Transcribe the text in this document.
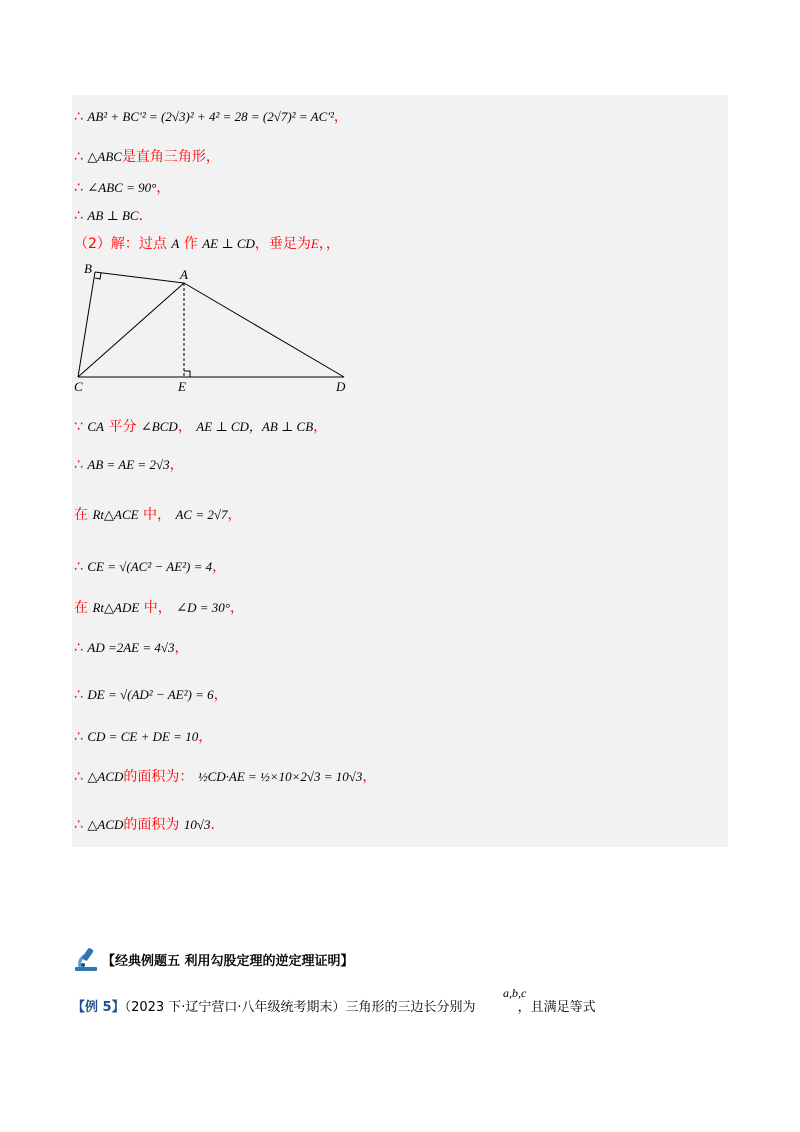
∴ AB² + BC'² = (2√3)² + 4² = 28 = (2√7)² = AC'²，
∴ △ABC是直角三角形，
∴ ∠ABC = 90°，
∴ AB ⊥ BC．
（2）解：过点 A 作 AE ⊥ CD，垂足为E，，
B	A
C	E	D
∵ CA 平分 ∠BCD， AE ⊥ CD，AB ⊥ CB，
∴ AB = AE = 2√3，
在 Rt△ACE 中， AC = 2√7，
∴ CE = √(AC² − AE²) = 4，
在 Rt△ADE 中， ∠D = 30°，
∴ AD =2AE = 4√3，
∴ DE = √(AD² − AE²) = 6，
∴ CD = CE + DE = 10，
∴ △ACD的面积为： ½CD·AE = ½×10×2√3 = 10√3，
∴ △ACD的面积为 10√3．
【经典例题五 利用勾股定理的逆定理证明】
a,b,c
【例 5】（2023 下·辽宁营口·八年级统考期末）三角形的三边长分别为	，且满足等式
